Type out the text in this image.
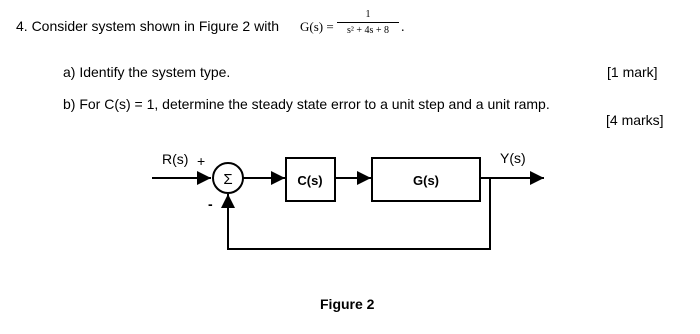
4. Consider system shown in Figure 2 with G(s) =
1
s² + 4s + 8 .
a) Identify the system type.	[1 mark]
b) For C(s) = 1, determine the steady state error to a unit step and a unit ramp.
[4 marks]
R(s) +
Σ
-
C(s)	G(s)
Y(s)
Figure 2
